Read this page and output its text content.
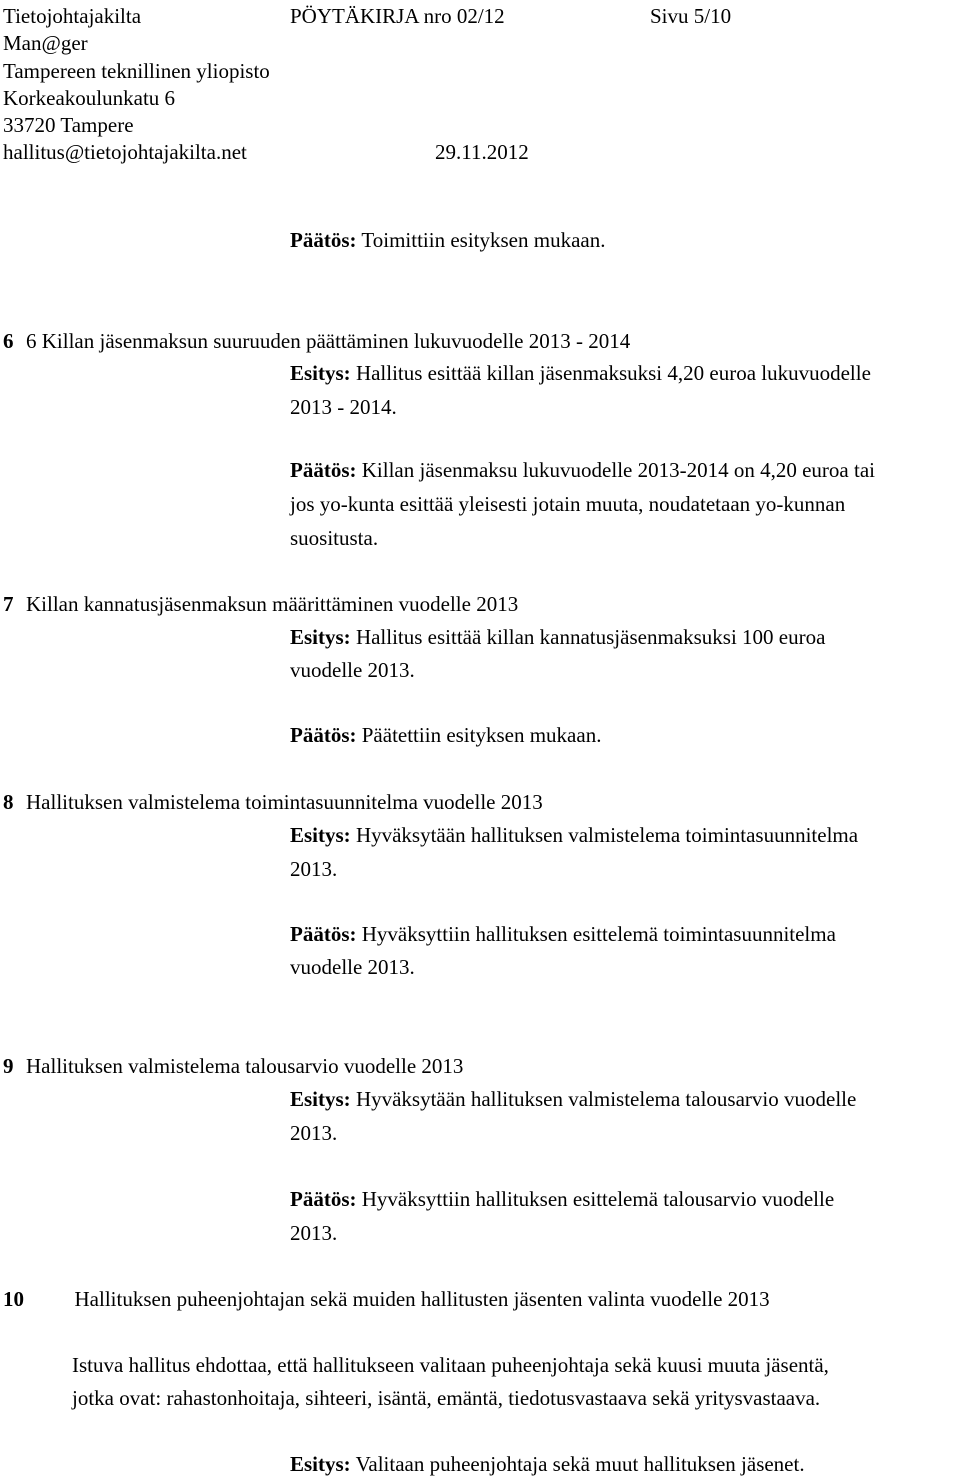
Tietojohtajakilta	PÖYTÄKIRJA nro 02/12	Sivu 5/10
Man@ger
Tampereen teknillinen yliopisto
Korkeakoulunkatu 6
33720 Tampere
hallitus@tietojohtajakilta.net	29.11.2012
Päätös: Toimittiin esityksen mukaan.
6 6 Killan jäsenmaksun suuruuden päättäminen lukuvuodelle 2013 - 2014
Esitys: Hallitus esittää killan jäsenmaksuksi 4,20 euroa lukuvuodelle
2013 - 2014.
Päätös: Killan jäsenmaksu lukuvuodelle 2013-2014 on 4,20 euroa tai
jos yo-kunta esittää yleisesti jotain muuta, noudatetaan yo-kunnan
suositusta.
7 Killan kannatusjäsenmaksun määrittäminen vuodelle 2013
Esitys: Hallitus esittää killan kannatusjäsenmaksuksi 100 euroa
vuodelle 2013.
Päätös: Päätettiin esityksen mukaan.
8 Hallituksen valmistelema toimintasuunnitelma vuodelle 2013
Esitys: Hyväksytään hallituksen valmistelema toimintasuunnitelma
2013.
Päätös: Hyväksyttiin hallituksen esittelemä toimintasuunnitelma
vuodelle 2013.
9 Hallituksen valmistelema talousarvio vuodelle 2013
Esitys: Hyväksytään hallituksen valmistelema talousarvio vuodelle
2013.
Päätös: Hyväksyttiin hallituksen esittelemä talousarvio vuodelle
2013.
10 Hallituksen puheenjohtajan sekä muiden hallitusten jäsenten valinta vuodelle 2013
Istuva hallitus ehdottaa, että hallitukseen valitaan puheenjohtaja sekä kuusi muuta jäsentä,
jotka ovat: rahastonhoitaja, sihteeri, isäntä, emäntä, tiedotusvastaava sekä yritysvastaava.
Esitys: Valitaan puheenjohtaja sekä muut hallituksen jäsenet.
